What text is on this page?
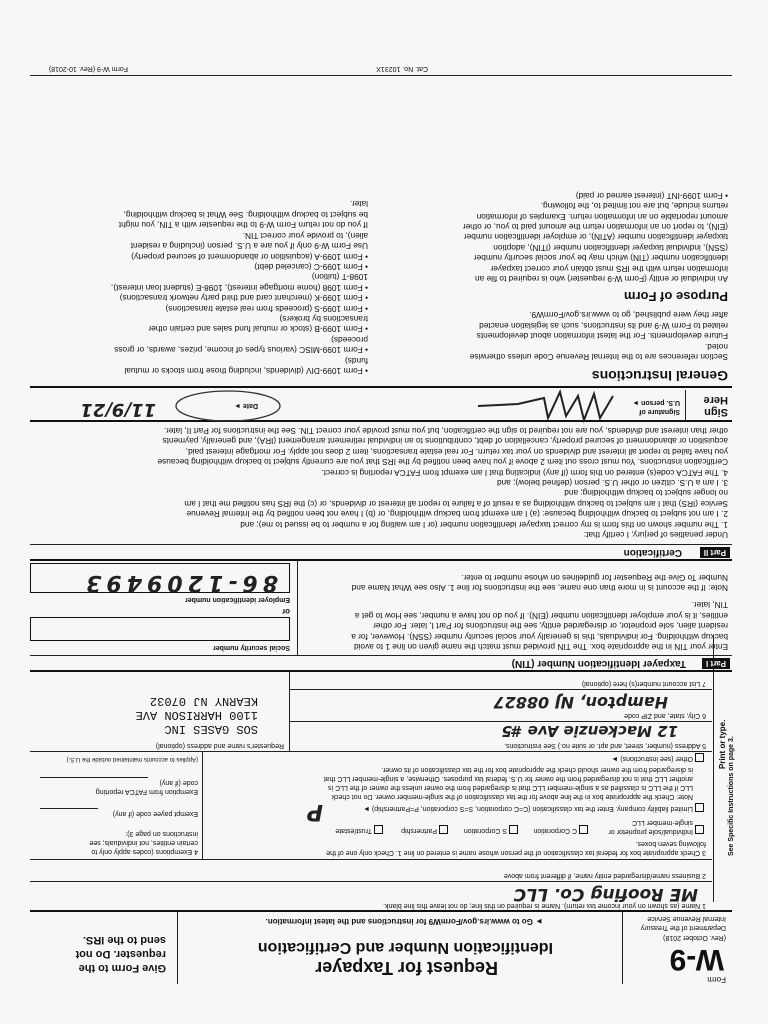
Form
W-9
(Rev. October 2018)
Department of the Treasury
Internal Revenue Service
Request for Taxpayer
Identification Number and Certification
► Go to www.irs.gov/FormW9 for instructions and the latest information.
Give Form to the
requester. Do not
send to the IRS.
Print or type. See Specific Instructions on page 3.
1 Name (as shown on your income tax return). Name is required on this line; do not leave this line blank.
ME Roofing Co. LLC
2 Business name/disregarded entity name, if different from above
3 Check appropriate box for federal tax classification of the person whose name is entered on line 1. Check only one of the
following seven boxes.
Individual/sole proprietor or
single-member LLC
C Corporation
S Corporation
Partnership
Trust/estate
Limited liability company. Enter the tax classification (C=C corporation, S=S corporation, P=Partnership) ►
P
Note: Check the appropriate box in the line above for the tax classification of the single-member owner. Do not check
LLC if the LLC is classified as a single-member LLC that is disregarded from the owner unless the owner of the LLC is
another LLC that is not disregarded from the owner for U.S. federal tax purposes. Otherwise, a single-member LLC that
is disregarded from the owner should check the appropriate box for the tax classification of its owner.
Other (see instructions) ►
4 Exemptions (codes apply only to
certain entities, not individuals; see
instructions on page 3):
Exempt payee code (if any)
Exemption from FATCA reporting
code (if any)
(Applies to accounts maintained outside the U.S.)
5 Address (number, street, and apt. or suite no.) See instructions.
12 Mackenzie Ave #5
Requester's name and address (optional)
SOS GASES INC
1100 HARRISON AVE
KEARNY NJ 07032
6 City, state, and ZIP code
Hampton, NJ 08827
7 List account number(s) here (optional)
Part I
Taxpayer Identification Number (TIN)

Enter your TIN in the appropriate box. The TIN provided must match the name given on line 1 to avoid

backup withholding. For individuals, this is generally your social security number (SSN). However, for a

resident alien, sole proprietor, or disregarded entity, see the instructions for Part I, later. For other

entities, it is your employer identification number (EIN). If you do not have a number, see How to get a

TIN, later.

Note: If the account is in more than one name, see the instructions for line 1. Also see What Name and
Number To Give the Requester for guidelines on whose number to enter.
Social security number
or
Employer identification number
86-1209493
Part II
Certification

Under penalties of perjury, I certify that:

1. The number shown on this form is my correct taxpayer identification number (or I am waiting for a number to be issued to me); and

2. I am not subject to backup withholding because: (a) I am exempt from backup withholding, or (b) I have not been notified by the Internal Revenue

Service (IRS) that I am subject to backup withholding as a result of a failure to report all interest or dividends, or (c) the IRS has notified me that I am

no longer subject to backup withholding; and

3. I am a U.S. citizen or other U.S. person (defined below); and

4. The FATCA code(s) entered on this form (if any) indicating that I am exempt from FATCA reporting is correct.

Certification instructions. You must cross out item 2 above if you have been notified by the IRS that you are currently subject to backup withholding because

you have failed to report all interest and dividends on your tax return. For real estate transactions, item 2 does not apply. For mortgage interest paid,

acquisition or abandonment of secured property, cancellation of debt, contributions to an individual retirement arrangement (IRA), and generally, payments

other than interest and dividends, you are not required to sign the certification, but you must provide your correct TIN. See the instructions for Part II, later.

Sign
Here
Signature of
U.S. person ►
Date ►
11/9/21
General Instructions

Section references are to the Internal Revenue Code unless otherwise

noted.

Future developments. For the latest information about developments

related to Form W-9 and its instructions, such as legislation enacted

after they were published, go to www.irs.gov/FormW9.

Purpose of Form

An individual or entity (Form W-9 requester) who is required to file an

information return with the IRS must obtain your correct taxpayer

identification number (TIN) which may be your social security number

(SSN), individual taxpayer identification number (ITIN), adoption

taxpayer identification number (ATIN), or employer identification number

(EIN), to report on an information return the amount paid to you, or other

amount reportable on an information return. Examples of information

returns include, but are not limited to, the following.

• Form 1099-INT (interest earned or paid)

• Form 1099-DIV (dividends, including those from stocks or mutual

funds)

• Form 1099-MISC (various types of income, prizes, awards, or gross

proceeds)

• Form 1099-B (stock or mutual fund sales and certain other

transactions by brokers)

• Form 1099-S (proceeds from real estate transactions)

• Form 1099-K (merchant card and third party network transactions)

• Form 1098 (home mortgage interest), 1098-E (student loan interest),

1098-T (tuition)

• Form 1099-C (canceled debt)

• Form 1099-A (acquisition or abandonment of secured property)

Use Form W-9 only if you are a U.S. person (including a resident

alien), to provide your correct TIN.

If you do not return Form W-9 to the requester with a TIN, you might

be subject to backup withholding. See What is backup withholding,

later.

Cat. No. 10231X
Form W-9 (Rev. 10-2018)
